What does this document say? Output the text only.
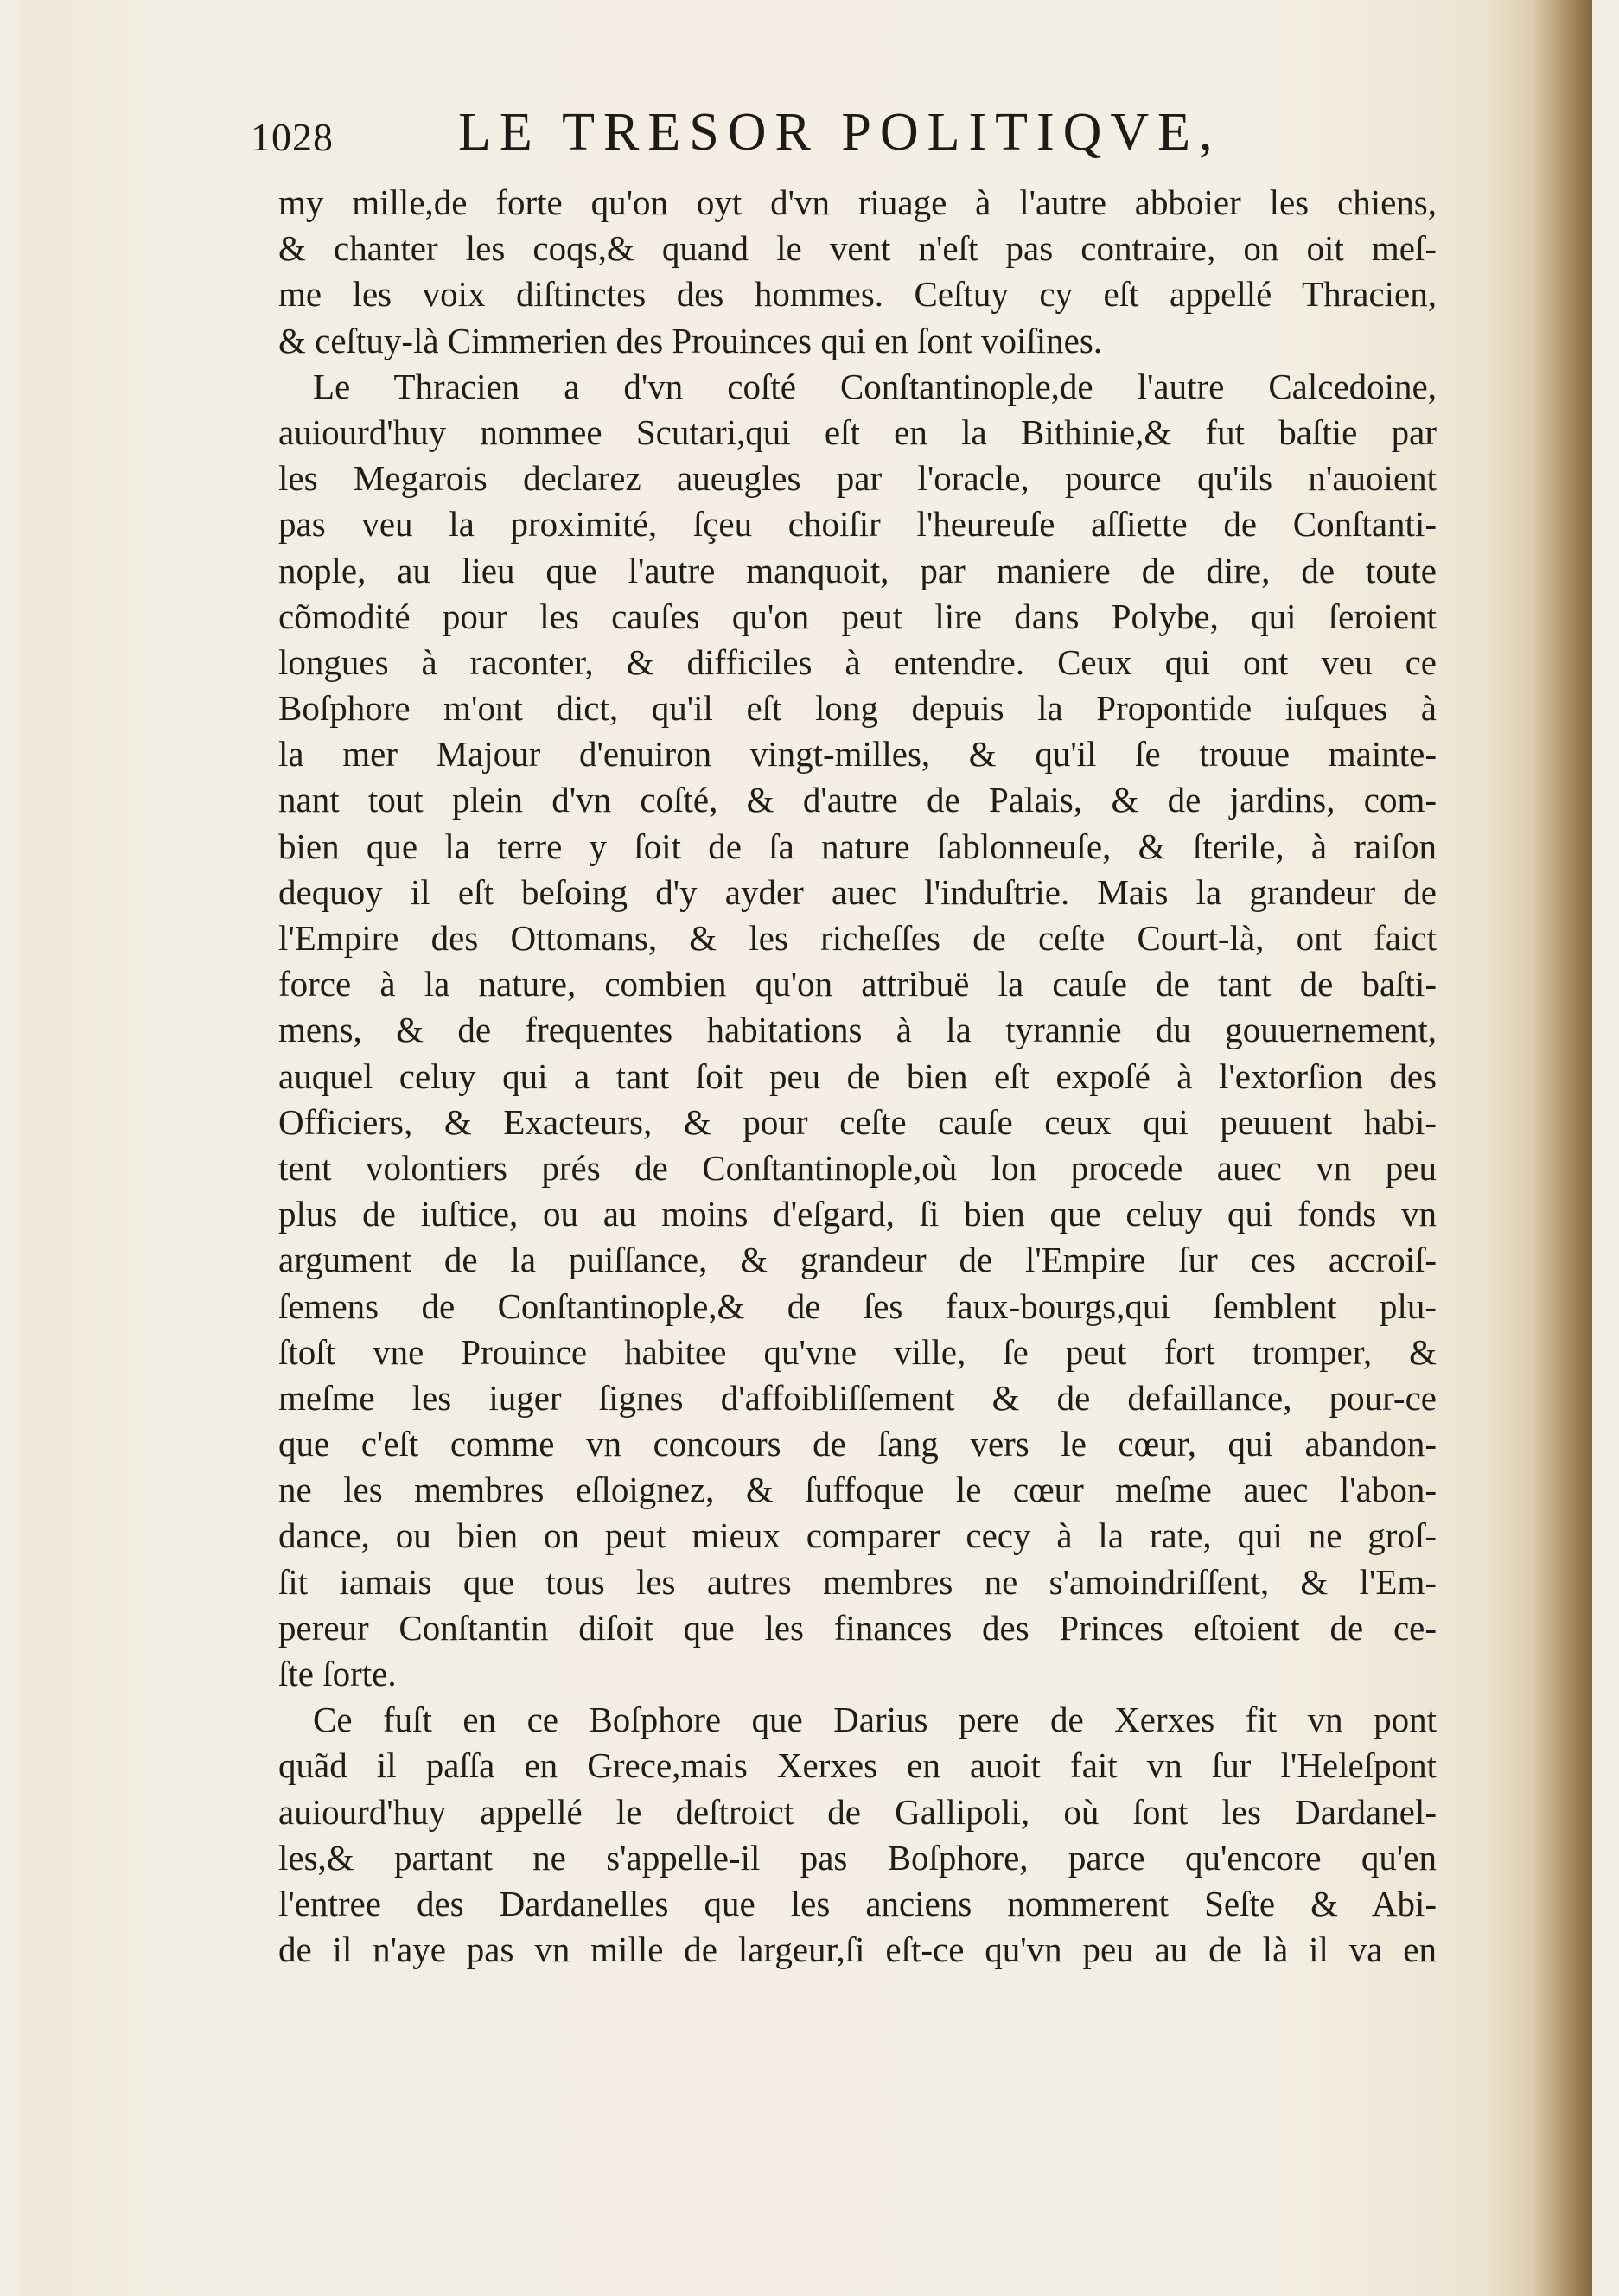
1028 LE TRESOR POLITIQVE,
my mille,de forte qu'on oyt d'vn riuage à l'autre abboier les chiens,
& chanter les coqs,& quand le vent n'eſt pas contraire, on oit meſ-
me les voix diſtinctes des hommes. Ceſtuy cy eſt appellé Thracien,
& ceſtuy-là Cimmerien des Prouinces qui en ſont voiſines.
Le Thracien a d'vn coſté Conſtantinople,de l'autre Calcedoine,
auiourd'huy nommee Scutari,qui eſt en la Bithinie,& fut baſtie par
les Megarois declarez aueugles par l'oracle, pource qu'ils n'auoient
pas veu la proximité, ſçeu choiſir l'heureuſe aſſiette de Conſtanti-
nople, au lieu que l'autre manquoit, par maniere de dire, de toute
cõmodité pour les cauſes qu'on peut lire dans Polybe, qui ſeroient
longues à raconter, & difficiles à entendre. Ceux qui ont veu ce
Boſphore m'ont dict, qu'il eſt long depuis la Propontide iuſques à
la mer Majour d'enuiron vingt-milles, & qu'il ſe trouue mainte-
nant tout plein d'vn coſté, & d'autre de Palais, & de jardins, com-
bien que la terre y ſoit de ſa nature ſablonneuſe, & ſterile, à raiſon
dequoy il eſt beſoing d'y ayder auec l'induſtrie. Mais la grandeur de
l'Empire des Ottomans, & les richeſſes de ceſte Court-là, ont faict
force à la nature, combien qu'on attribuë la cauſe de tant de baſti-
mens, & de frequentes habitations à la tyrannie du gouuernement,
auquel celuy qui a tant ſoit peu de bien eſt expoſé à l'extorſion des
Officiers, & Exacteurs, & pour ceſte cauſe ceux qui peuuent habi-
tent volontiers prés de Conſtantinople,où lon procede auec vn peu
plus de iuſtice, ou au moins d'eſgard, ſi bien que celuy qui fonds vn
argument de la puiſſance, & grandeur de l'Empire ſur ces accroiſ-
ſemens de Conſtantinople,& de ſes faux-bourgs,qui ſemblent plu-
ſtoſt vne Prouince habitee qu'vne ville, ſe peut fort tromper, &
meſme les iuger ſignes d'affoibliſſement & de defaillance, pour-ce
que c'eſt comme vn concours de ſang vers le cœur, qui abandon-
ne les membres eſloignez, & ſuffoque le cœur meſme auec l'abon-
dance, ou bien on peut mieux comparer cecy à la rate, qui ne groſ-
ſit iamais que tous les autres membres ne s'amoindriſſent, & l'Em-
pereur Conſtantin diſoit que les finances des Princes eſtoient de ce-
ſte ſorte.
Ce fuſt en ce Boſphore que Darius pere de Xerxes fit vn pont
quãd il paſſa en Grece,mais Xerxes en auoit fait vn ſur l'Heleſpont
auiourd'huy appellé le deſtroict de Gallipoli, où ſont les Dardanel-
les,& partant ne s'appelle-il pas Boſphore, parce qu'encore qu'en
l'entree des Dardanelles que les anciens nommerent Seſte & Abi-
de il n'aye pas vn mille de largeur,ſi eſt-ce qu'vn peu au de là il va en
